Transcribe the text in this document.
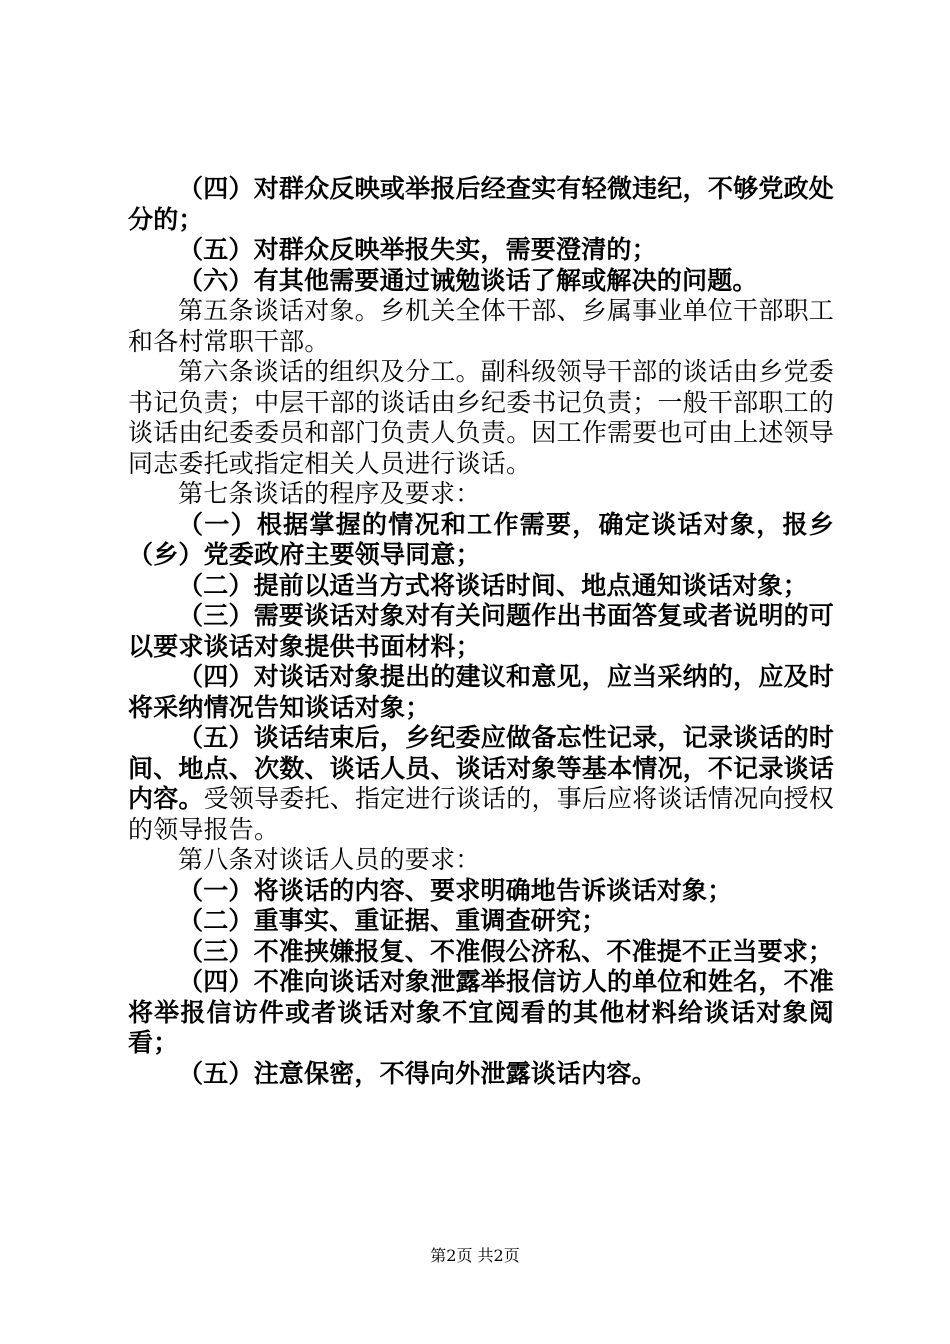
（四）对群众反映或举报后经查实有轻微违纪，不够党政处分的；

（五）对群众反映举报失实，需要澄清的；

（六）有其他需要通过诫勉谈话了解或解决的问题。

第五条谈话对象。乡机关全体干部、乡属事业单位干部职工和各村常职干部。

第六条谈话的组织及分工。副科级领导干部的谈话由乡党委书记负责；中层干部的谈话由乡纪委书记负责；一般干部职工的谈话由纪委委员和部门负责人负责。因工作需要也可由上述领导同志委托或指定相关人员进行谈话。

第七条谈话的程序及要求：

（一）根据掌握的情况和工作需要，确定谈话对象，报乡（乡）党委政府主要领导同意；

（二）提前以适当方式将谈话时间、地点通知谈话对象；

（三）需要谈话对象对有关问题作出书面答复或者说明的可以要求谈话对象提供书面材料；

（四）对谈话对象提出的建议和意见，应当采纳的，应及时将采纳情况告知谈话对象；

（五）谈话结束后，乡纪委应做备忘性记录，记录谈话的时间、地点、次数、谈话人员、谈话对象等基本情况，不记录谈话内容。受领导委托、指定进行谈话的，事后应将谈话情况向授权的领导报告。

第八条对谈话人员的要求：

（一）将谈话的内容、要求明确地告诉谈话对象；

（二）重事实、重证据、重调查研究；

（三）不准挟嫌报复、不准假公济私、不准提不正当要求；

（四）不准向谈话对象泄露举报信访人的单位和姓名，不准将举报信访件或者谈话对象不宜阅看的其他材料给谈话对象阅看；

（五）注意保密，不得向外泄露谈话内容。

第2页 共2页
